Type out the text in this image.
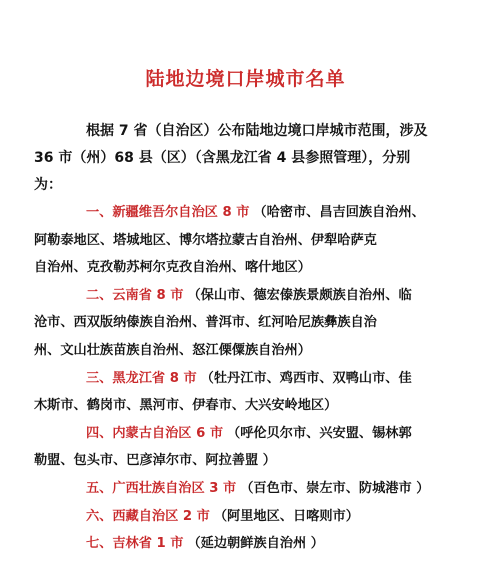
陆地边境口岸城市名单
根据 7 省（自治区）公布陆地边境口岸城市范围，涉及
36 市（州）68 县（区）（含黑龙江省 4 县参照管理），分别
为：
一、新疆维吾尔自治区 8 市 （哈密市、昌吉回族自治州、
阿勒泰地区、塔城地区、博尔塔拉蒙古自治州、伊犁哈萨克
自治州、克孜勒苏柯尔克孜自治州、喀什地区）
二、云南省 8 市 （保山市、德宏傣族景颇族自治州、临
沧市、西双版纳傣族自治州、普洱市、红河哈尼族彝族自治
州、文山壮族苗族自治州、怒江傈僳族自治州）
三、黑龙江省 8 市 （牡丹江市、鸡西市、双鸭山市、佳
木斯市、鹤岗市、黑河市、伊春市、大兴安岭地区）
四、内蒙古自治区 6 市 （呼伦贝尔市、兴安盟、锡林郭
勒盟、包头市、巴彦淖尔市、阿拉善盟 ）
五、广西壮族自治区 3 市 （百色市、崇左市、防城港市 ）
六、西藏自治区 2 市 （阿里地区、日喀则市）
七、吉林省 1 市 （延边朝鲜族自治州 ）
